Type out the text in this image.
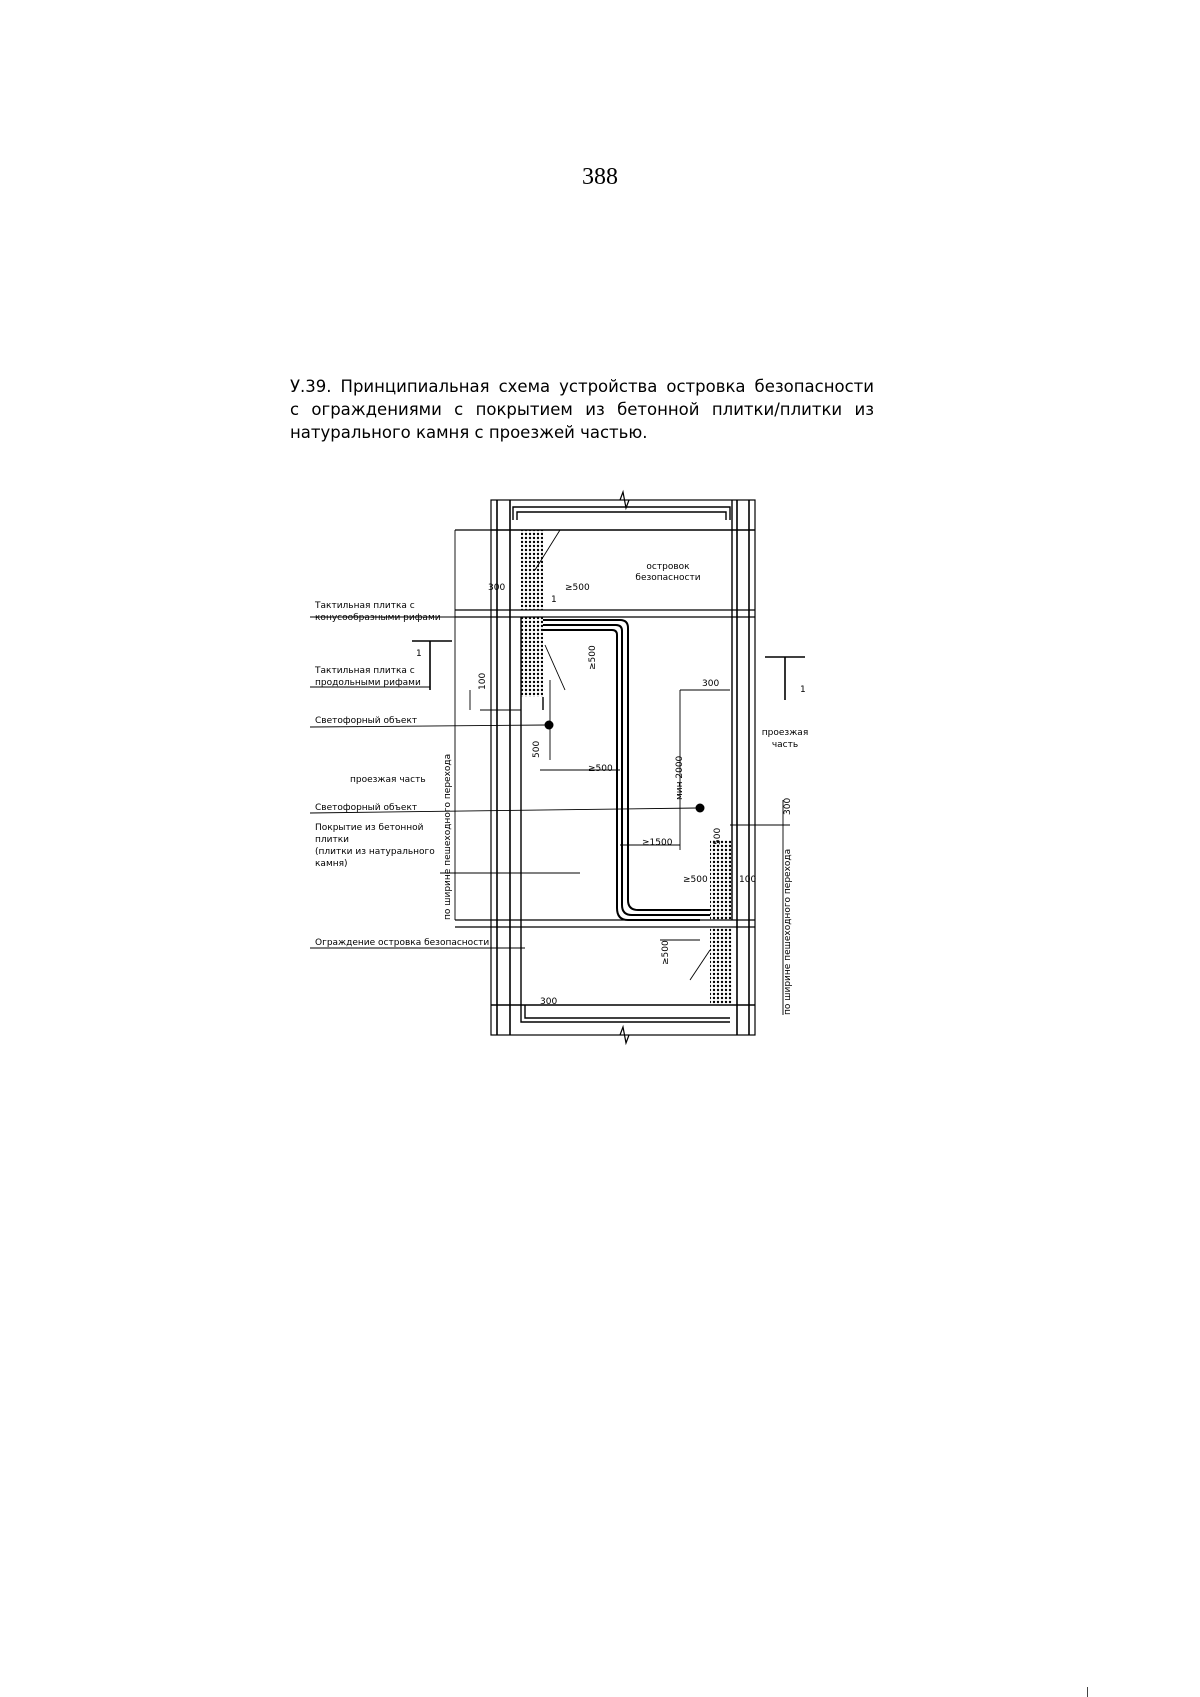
388
У.39. Принципиальная схема устройства островка безопасности
с ограждениями с покрытием из бетонной плитки/плитки из
натурального камня с проезжей частью.
островок
безопасности
Тактильная плитка с
конусообразными рифами
Тактильная плитка с
продольными рифами
Светофорный объект
проезжая часть
Светофорный объект
Покрытие из бетонной
плитки
(плитки из натурального
камня)
Ограждение островка безопасности
проезжая
часть
по ширине пешеходного перехода
по ширине пешеходного перехода
1
1
300	≥500
1
≥500
100
500
300
≥500	мин 2000
300
≥1500	500
≥500	100
≥500
300
